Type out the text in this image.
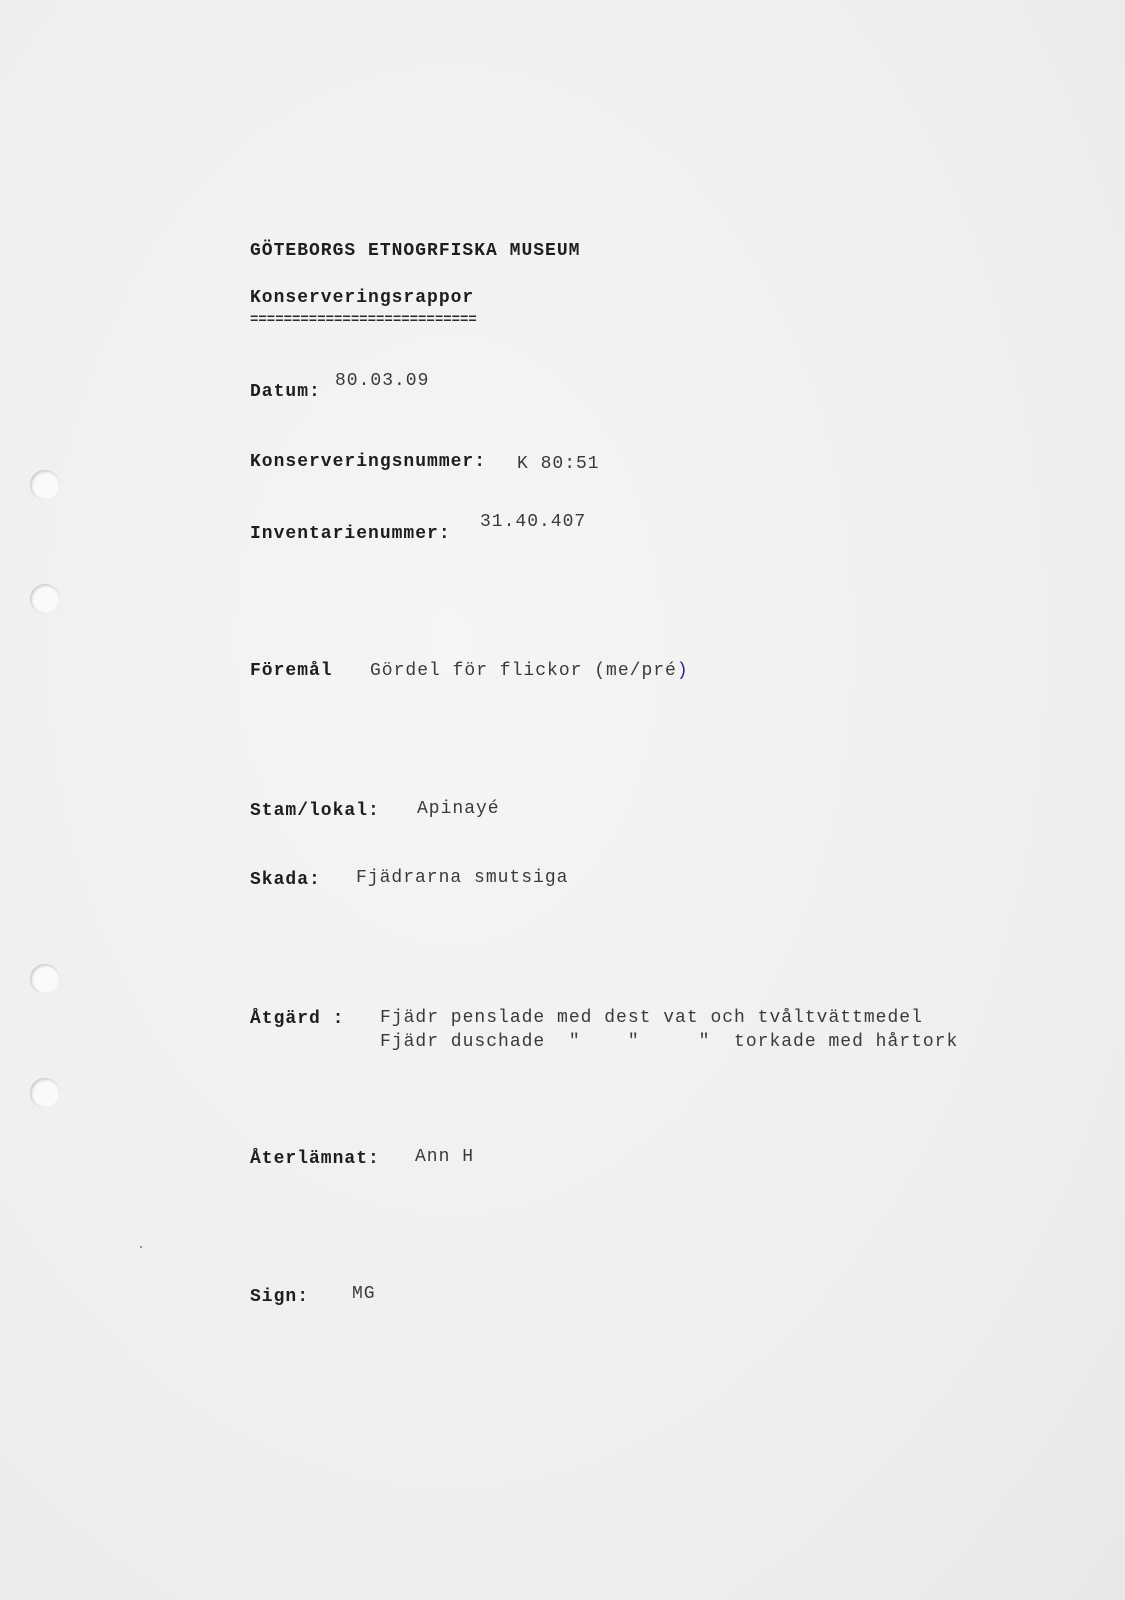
GÖTEBORGS ETNOGRFISKA MUSEUM
Konserveringsrappor
===========================
Datum:
80.03.09
Konserveringsnummer: K 80:51
Inventarienummer:
31.40.407
Föremål Gördel för flickor (me/pré)
Stam/lokal: Apinayé
Skada: Fjädrarna smutsiga
Åtgärd : Fjädr penslade med dest vat och tvåltvättmedel
Fjädr duschade  "    "     "  torkade med hårtork
Återlämnat: Ann H
Sign: MG
